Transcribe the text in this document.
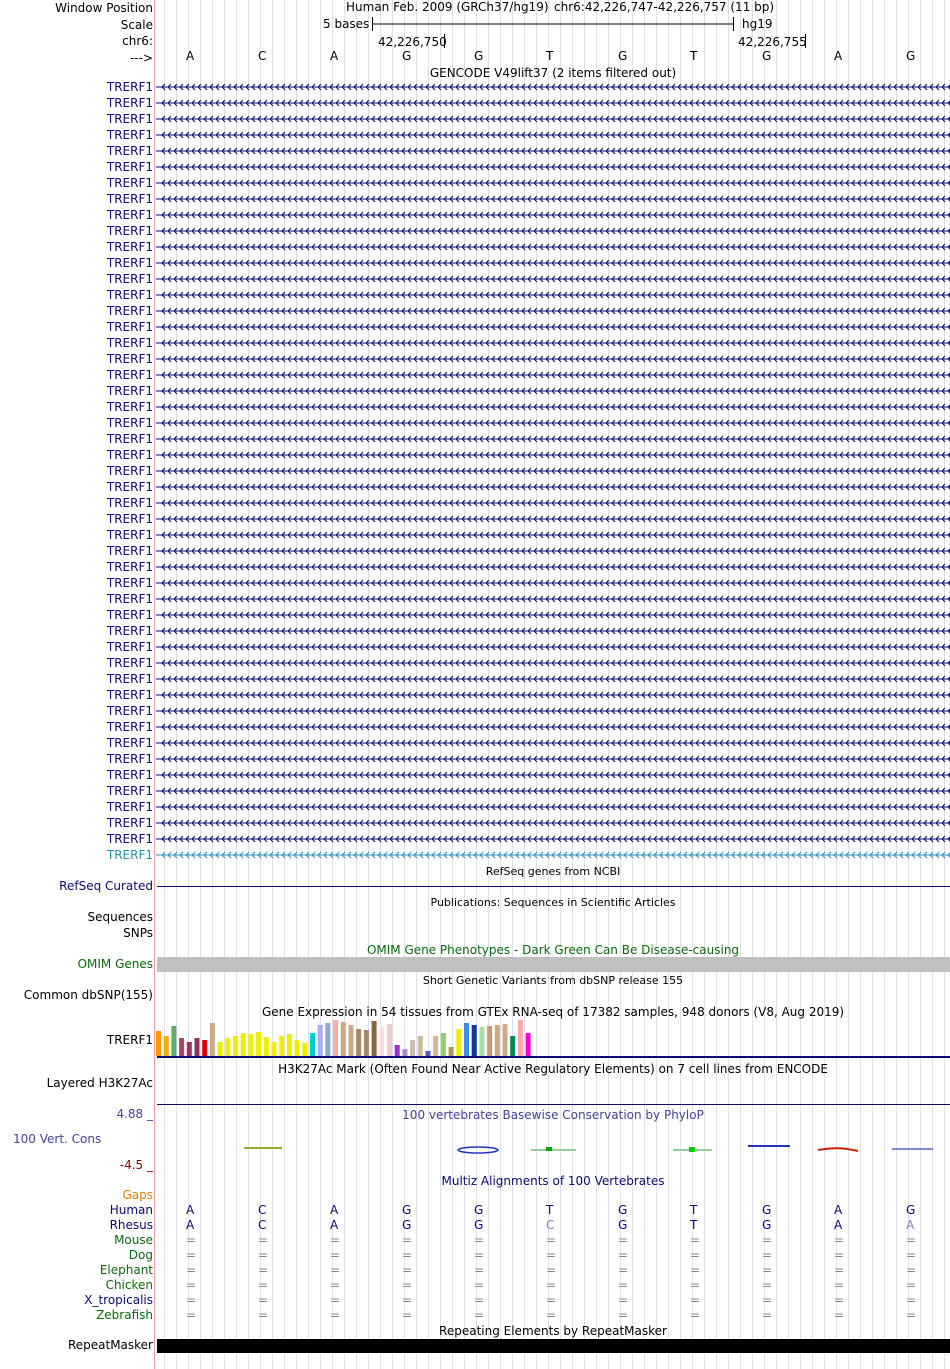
Window Position
Scale
chr6:
--->
Human Feb. 2009 (GRCh37/hg19) chr6:42,226,747-42,226,757 (11 bp)
5 bases	hg19
42,226,750	42,226,755
A	C	A	G	G	T	G	T	G	A	G
GENCODE V49lift37 (2 items filtered out)
TRERF1
TRERF1
TRERF1
TRERF1
TRERF1
TRERF1
TRERF1
TRERF1
TRERF1
TRERF1
TRERF1
TRERF1
TRERF1
TRERF1
TRERF1
TRERF1
TRERF1
TRERF1
TRERF1
TRERF1
TRERF1
TRERF1
TRERF1
TRERF1
TRERF1
TRERF1
TRERF1
TRERF1
TRERF1
TRERF1
TRERF1
TRERF1
TRERF1
TRERF1
TRERF1
TRERF1
TRERF1
TRERF1
TRERF1
TRERF1
TRERF1
TRERF1
TRERF1
TRERF1
TRERF1
TRERF1
TRERF1
TRERF1
TRERF1
RefSeq genes from NCBI
RefSeq Curated
Publications: Sequences in Scientific Articles
Sequences
SNPs
OMIM Gene Phenotypes - Dark Green Can Be Disease-causing
OMIM Genes
Short Genetic Variants from dbSNP release 155
Common dbSNP(155)
Gene Expression in 54 tissues from GTEx RNA-seq of 17382 samples, 948 donors (V8, Aug 2019)
TRERF1
H3K27Ac Mark (Often Found Near Active Regulatory Elements) on 7 cell lines from ENCODE
Layered H3K27Ac
100 vertebrates Basewise Conservation by PhyloP
4.88 _
100 Vert. Cons
-4.5 _
Multiz Alignments of 100 Vertebrates
Gaps
Human	A	C	A	G	G	T	G	T	G	A	G
Rhesus	A	C	A	G	G	C	G	T	G	A	A
Mouse	=	=	=	=	=	=	=	=	=	=	=
Dog	=	=	=	=	=	=	=	=	=	=	=
Elephant	=	=	=	=	=	=	=	=	=	=	=
Chicken	=	=	=	=	=	=	=	=	=	=	=
X_tropicalis	=	=	=	=	=	=	=	=	=	=	=
Zebrafish	=	=	=	=	=	=	=	=	=	=	=
Repeating Elements by RepeatMasker
RepeatMasker
